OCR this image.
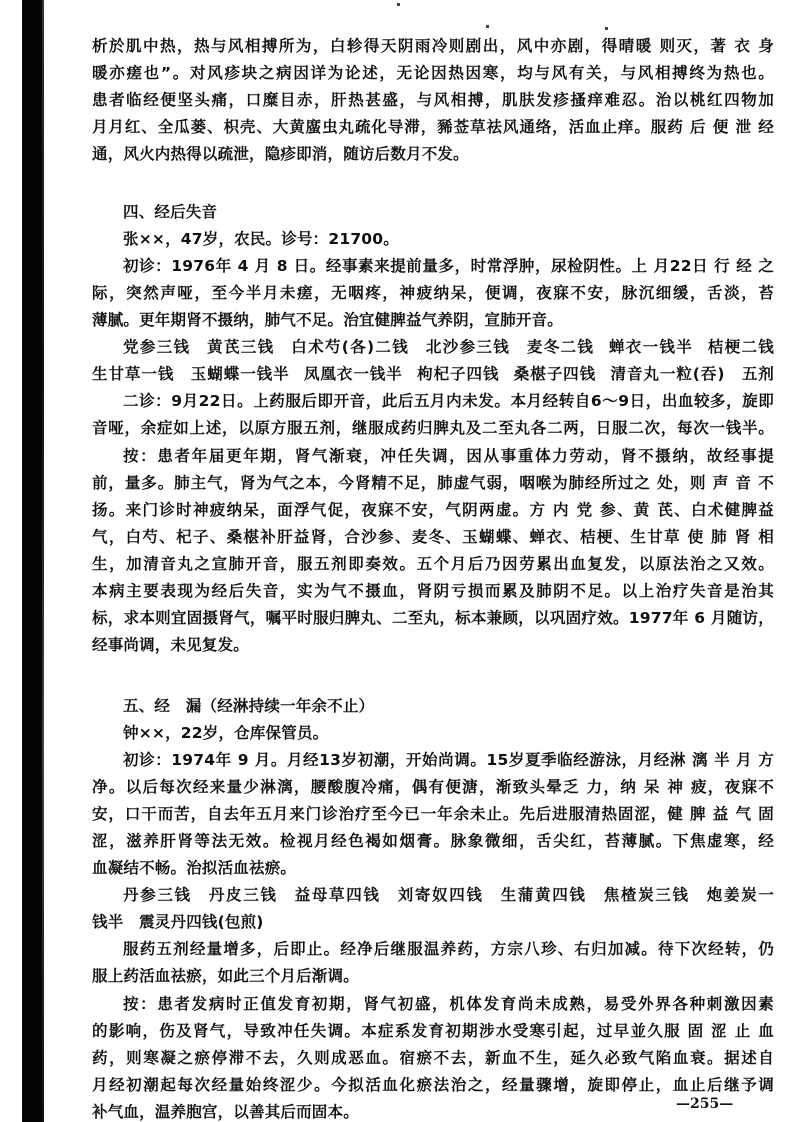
析於肌中热，热与风相搏所为，白轸得天阴雨冷则剧出，风中亦剧，得晴暖 则灭，著 衣 身
暖亦瘥也”。对风疹块之病因详为论述，无论因热因寒，均与风有关，与风相搏终为热也。
患者临经便坚头痛，口糜目赤，肝热甚盛，与风相搏，肌肤发疹搔痒难忍。治以桃红四物加
月月红、全瓜蒌、枳壳、大黄䗪虫丸疏化导滞，豨莶草祛风通络，活血止痒。服药 后 便 泄 经
通，风火内热得以疏泄，隐疹即消，随访后数月不发。
四、经后失音
张××，47岁，农民。诊号：21700。
初诊：1976年 4 月 8 日。经事素来提前量多，时常浮肿，尿检阴性。上 月22日 行 经 之
际，突然声哑，至今半月未瘥，无咽疼，神疲纳呆，便调，夜寐不安，脉沉细缓，舌淡，苔
薄腻。更年期肾不摄纳，肺气不足。治宜健脾益气养阴，宣肺开音。
党参三钱　黄芪三钱　白术芍(各)二钱　北沙参三钱　麦冬二钱 蝉衣一钱半 桔梗二钱
生甘草一钱　玉蝴蝶一钱半 凤凰衣一钱半 枸杞子四钱 桑椹子四钱 清音丸一粒(吞)　五剂
二诊：9月22日。上药服后即开音，此后五月内未发。本月经转自6～9日，出血较多，旋即
音哑，余症如上述，以原方服五剂，继服成药归脾丸及二至丸各二两，日服二次，每次一钱半。
按：患者年届更年期，肾气渐衰，冲任失调，因从事重体力劳动，肾不摄纳，故经事提
前，量多。肺主气，肾为气之本，今肾精不足，肺虚气弱，咽喉为肺经所过之 处，则 声 音 不
扬。来门诊时神疲纳呆，面浮气促，夜寐不安，气阴两虚。方 内 党 参、黄 芪、白术健脾益
气，白芍、杞子、桑椹补肝益肾，合沙参、麦冬、玉蝴蝶、蝉衣、桔梗、生甘草 使 肺 肾 相
生，加清音丸之宣肺开音，服五剂即奏效。五个月后乃因劳累出血复发，以原法治之又效。
本病主要表现为经后失音，实为气不摄血，肾阴亏损而累及肺阴不足。以上治疗失音是治其
标，求本则宜固摄肾气，嘱平时服归脾丸、二至丸，标本兼顾，以巩固疗效。1977年 6 月随访，
经事尚调，未见复发。
五、经　漏（经淋持续一年余不止）
钟××，22岁，仓库保管员。
初诊：1974年 9 月。月经13岁初潮，开始尚调。15岁夏季临经游泳，月经淋 漓 半 月 方
净。以后每次经来量少淋漓，腰酸腹冷痛，偶有便溏，渐致头晕乏 力，纳 呆 神 疲，夜寐不
安，口干而苦，自去年五月来门诊治疗至今已一年余未止。先后进服清热固涩，健 脾 益 气 固
涩，滋养肝肾等法无效。检视月经色褐如烟膏。脉象微细，舌尖红，苔薄腻。下焦虚寒，经
血凝结不畅。治拟活血祛瘀。
丹参三钱　丹皮三钱　益母草四钱　刘寄奴四钱　生蒲黄四钱　焦楂炭三钱　炮姜炭一
钱半　震灵丹四钱(包煎)
服药五剂经量增多，后即止。经净后继服温养药，方宗八珍、右归加减。待下次经转，仍
服上药活血祛瘀，如此三个月后渐调。
按：患者发病时正值发育初期，肾气初盛，机体发育尚未成熟，易受外界各种刺激因素
的影响，伤及肾气，导致冲任失调。本症系发育初期涉水受寒引起，过早並久服 固 涩 止 血
药，则寒凝之瘀停滞不去，久则成恶血。宿瘀不去，新血不生，延久必致气陷血衰。据述自
月经初潮起每次经量始终涩少。今拟活血化瘀法治之，经量骤增，旋即停止，血止后继予调
补气血，温养胞宫，以善其后而固本。	—255—
